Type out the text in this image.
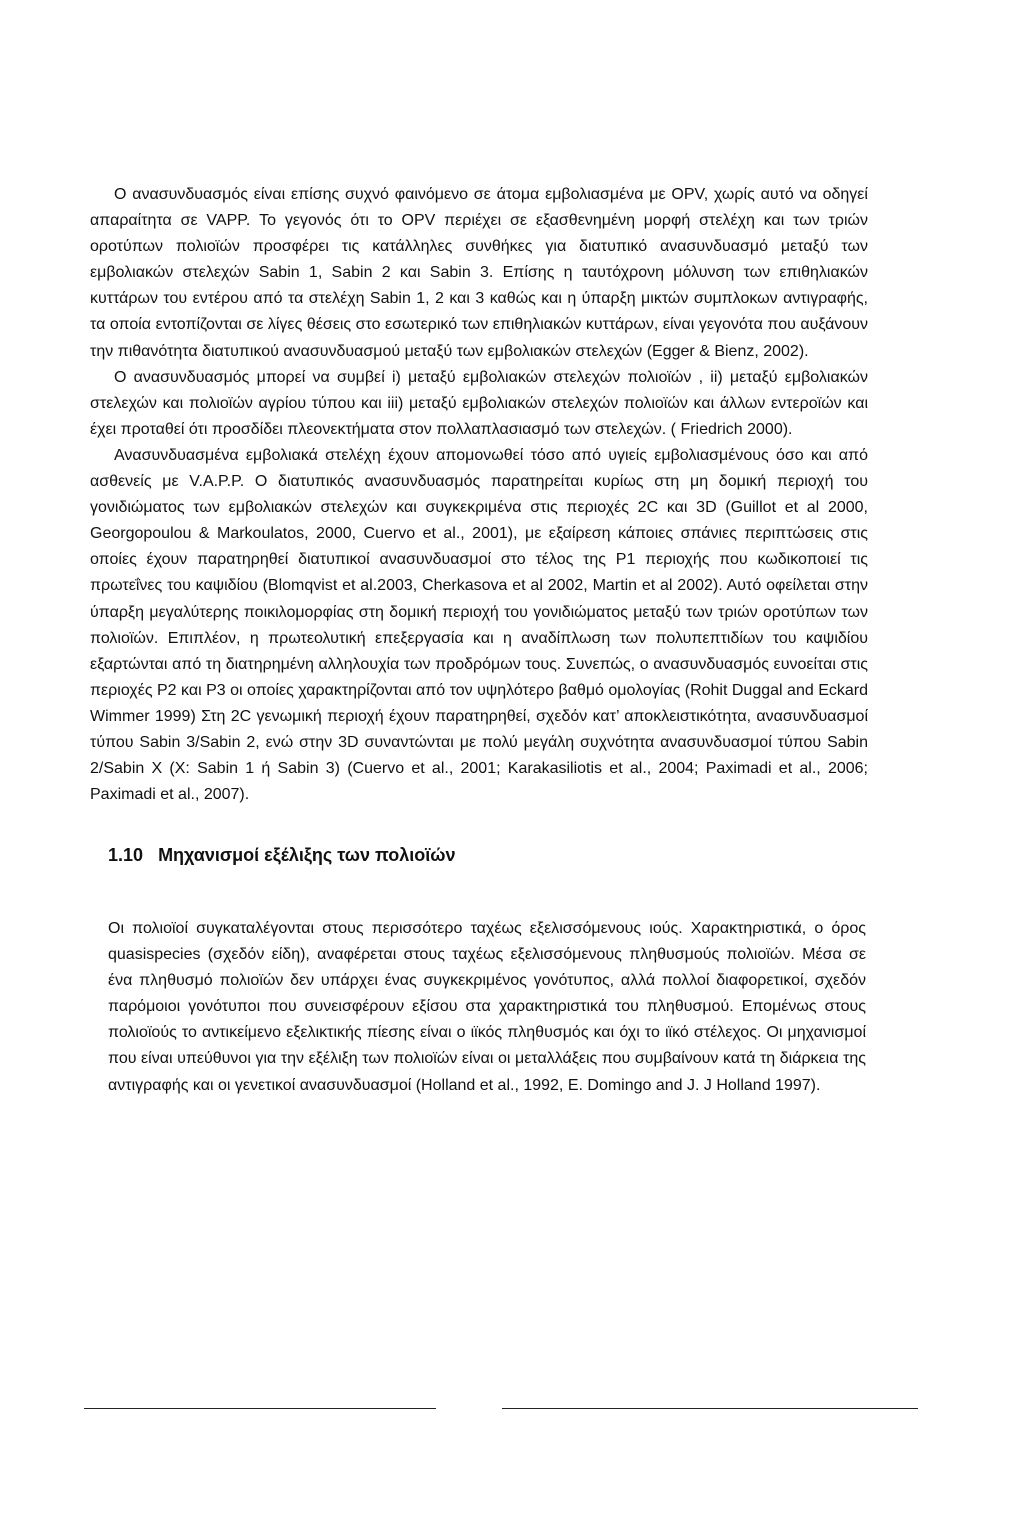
Ο ανασυνδυασμός είναι επίσης συχνό φαινόμενο σε άτομα εμβολιασμένα με OPV, χωρίς αυτό να οδηγεί απαραίτητα σε VAPP. Το γεγονός ότι το OPV περιέχει σε εξασθενημένη μορφή στελέχη και των τριών οροτύπων πολιοϊών προσφέρει τις κατάλληλες συνθήκες για διατυπικό ανασυνδυασμό μεταξύ των εμβολιακών στελεχών Sabin 1, Sabin 2 και Sabin 3. Επίσης η ταυτόχρονη μόλυνση των επιθηλιακών κυττάρων του εντέρου από τα στελέχη Sabin 1, 2 και 3 καθώς και η ύπαρξη μικτών συμπλοκων αντιγραφής, τα οποία εντοπίζονται σε λίγες θέσεις στο εσωτερικό των επιθηλιακών κυττάρων, είναι γεγονότα που αυξάνουν την πιθανότητα διατυπικού ανασυνδυασμού μεταξύ των εμβολιακών στελεχών (Egger & Bienz, 2002).

Ο ανασυνδυασμός μπορεί να συμβεί i) μεταξύ εμβολιακών στελεχών πολιοϊών , ii) μεταξύ εμβολιακών στελεχών και πολιοϊών αγρίου τύπου και iii) μεταξύ εμβολιακών στελεχών πολιοϊών και άλλων εντεροϊών και έχει προταθεί ότι προσδίδει πλεονεκτήματα στον πολλαπλασιασμό των στελεχών. ( Friedrich 2000).

Ανασυνδυασμένα εμβολιακά στελέχη έχουν απομονωθεί τόσο από υγιείς εμβολιασμένους όσο και από ασθενείς με V.A.P.P. Ο διατυπικός ανασυνδυασμός παρατηρείται κυρίως στη μη δομική περιοχή του γονιδιώματος των εμβολιακών στελεχών και συγκεκριμένα στις περιοχές 2C και 3D (Guillot et al 2000, Georgopoulou & Markoulatos, 2000, Cuervo et al., 2001), με εξαίρεση κάποιες σπάνιες περιπτώσεις στις οποίες έχουν παρατηρηθεί διατυπικοί ανασυνδυασμοί στο τέλος της P1 περιοχής που κωδικοποιεί τις πρωτεΐνες του καψιδίου (Blomqvist et al.2003, Cherkasova et al 2002, Martin et al 2002). Αυτό οφείλεται στην ύπαρξη μεγαλύτερης ποικιλομορφίας στη δομική περιοχή του γονιδιώματος μεταξύ των τριών οροτύπων των πολιοϊών. Επιπλέον, η πρωτεολυτική επεξεργασία και η αναδίπλωση των πολυπεπτιδίων του καψιδίου εξαρτώνται από τη διατηρημένη αλληλουχία των προδρόμων τους. Συνεπώς, ο ανασυνδυασμός ευνοείται στις περιοχές P2 και P3 οι οποίες χαρακτηρίζονται από τον υψηλότερο βαθμό ομολογίας (Rohit Duggal and Eckard Wimmer 1999) Στη 2C γενωμική περιοχή έχουν παρατηρηθεί, σχεδόν κατ’ αποκλειστικότητα, ανασυνδυασμοί τύπου Sabin 3/Sabin 2, ενώ στην 3D συναντώνται με πολύ μεγάλη συχνότητα ανασυνδυασμοί τύπου Sabin 2/Sabin X (X: Sabin 1 ή Sabin 3) (Cuervo et al., 2001; Karakasiliotis et al., 2004; Paximadi et al., 2006; Paximadi et al., 2007).

1.10 Μηχανισμοί εξέλιξης των πολιοϊών

Οι πολιοϊοί συγκαταλέγονται στους περισσότερο ταχέως εξελισσόμενους ιούς. Χαρακτηριστικά, ο όρος quasispecies (σχεδόν είδη), αναφέρεται στους ταχέως εξελισσόμενους πληθυσμούς πολιοϊών. Μέσα σε ένα πληθυσμό πολιοϊών δεν υπάρχει ένας συγκεκριμένος γονότυπος, αλλά πολλοί διαφορετικοί, σχεδόν παρόμοιοι γονότυποι που συνεισφέρουν εξίσου στα χαρακτηριστικά του πληθυσμού. Επομένως στους πολιοϊούς το αντικείμενο εξελικτικής πίεσης είναι ο ιϊκός πληθυσμός και όχι το ιϊκό στέλεχος. Οι μηχανισμοί που είναι υπεύθυνοι για την εξέλιξη των πολιοϊών είναι οι μεταλλάξεις που συμβαίνουν κατά τη διάρκεια της αντιγραφής και οι γενετικοί ανασυνδυασμοί (Holland et al., 1992, E. Domingo and J. J Holland 1997).
